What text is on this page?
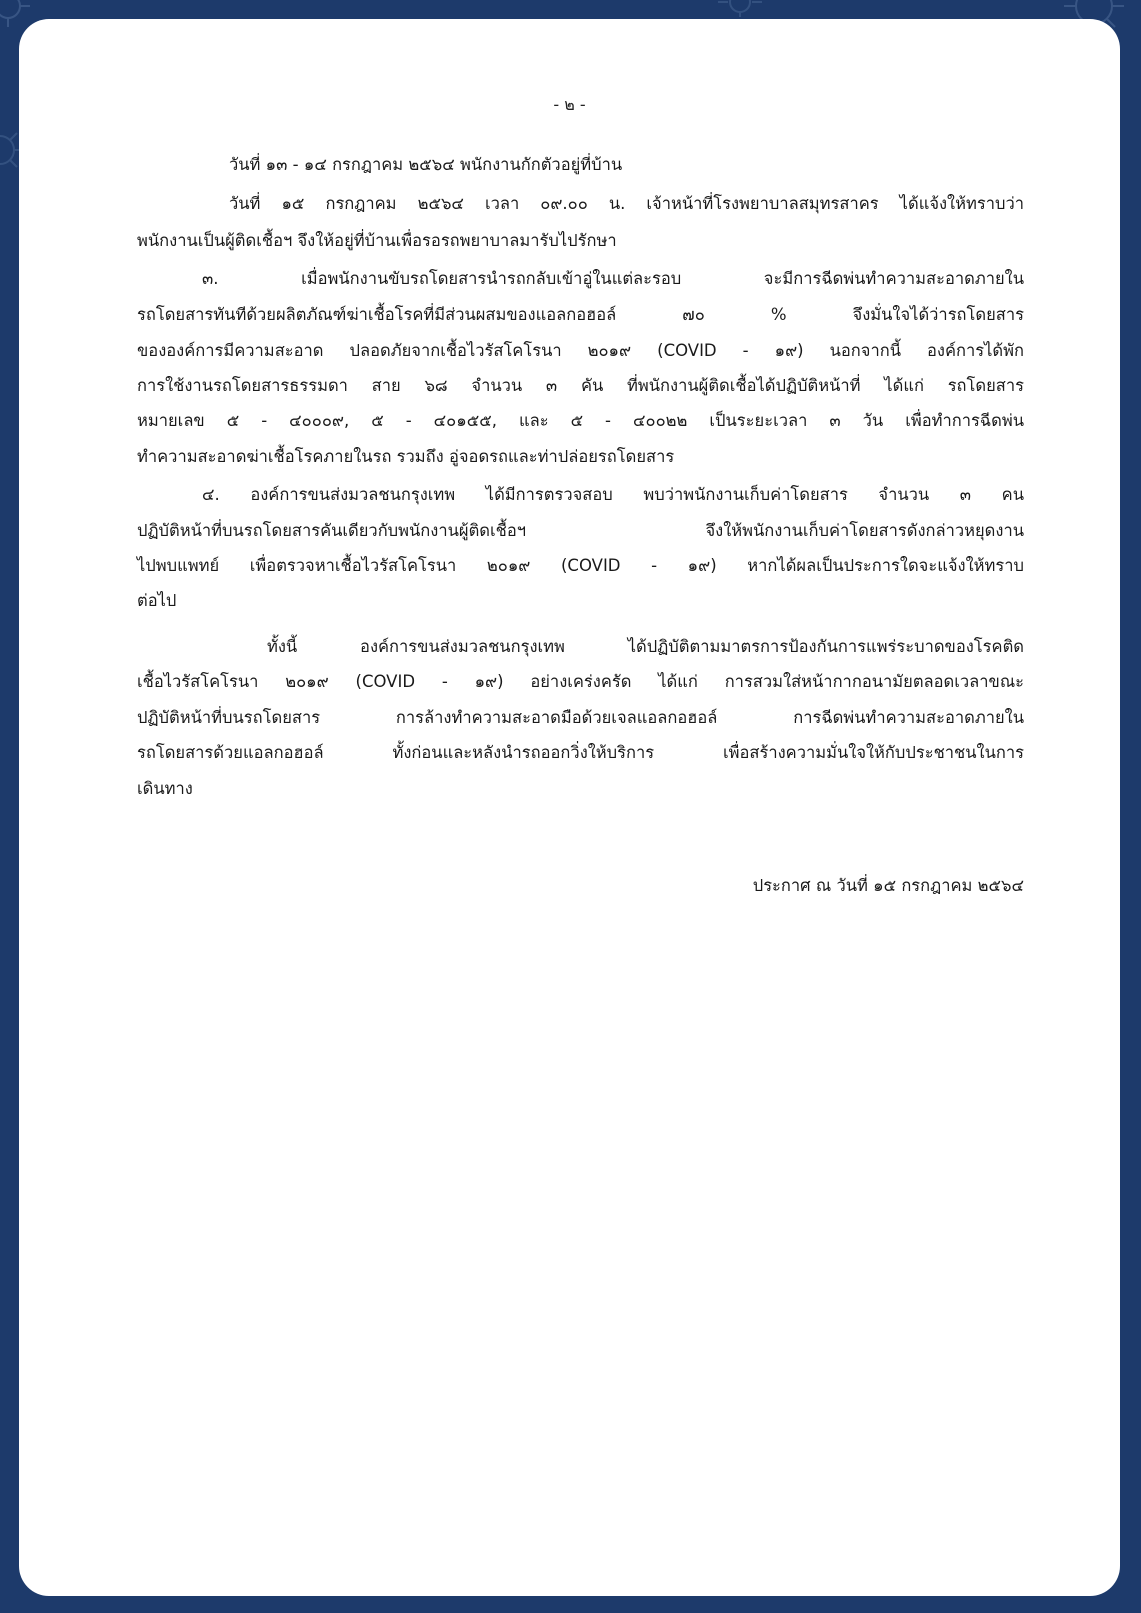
- ๒ -
วันที่ ๑๓ - ๑๔ กรกฎาคม ๒๕๖๔ พนักงานกักตัวอยู่ที่บ้าน
วันที่ ๑๕ กรกฎาคม ๒๕๖๔ เวลา ๐๙.๐๐ น. เจ้าหน้าที่โรงพยาบาลสมุทรสาคร ได้แจ้งให้ทราบว่า
พนักงานเป็นผู้ติดเชื้อฯ จึงให้อยู่ที่บ้านเพื่อรอรถพยาบาลมารับไปรักษา
๓. เมื่อพนักงานขับรถโดยสารนำรถกลับเข้าอู่ในแต่ละรอบ จะมีการฉีดพ่นทำความสะอาดภายใน
รถโดยสารทันทีด้วยผลิตภัณฑ์ฆ่าเชื้อโรคที่มีส่วนผสมของแอลกอฮอล์ ๗๐ % จึงมั่นใจได้ว่ารถโดยสาร
ขององค์การมีความสะอาด ปลอดภัยจากเชื้อไวรัสโคโรนา ๒๐๑๙ (COVID - ๑๙) นอกจากนี้ องค์การได้พัก
การใช้งานรถโดยสารธรรมดา สาย ๖๘ จำนวน ๓ คัน ที่พนักงานผู้ติดเชื้อได้ปฏิบัติหน้าที่ ได้แก่ รถโดยสาร
หมายเลข ๕ - ๔๐๐๐๙, ๕ - ๔๐๑๕๕, และ ๕ - ๔๐๐๒๒ เป็นระยะเวลา ๓ วัน เพื่อทำการฉีดพ่น
ทำความสะอาดฆ่าเชื้อโรคภายในรถ รวมถึง อู่จอดรถและท่าปล่อยรถโดยสาร
๔. องค์การขนส่งมวลชนกรุงเทพ ได้มีการตรวจสอบ พบว่าพนักงานเก็บค่าโดยสาร จำนวน ๓ คน
ปฏิบัติหน้าที่บนรถโดยสารคันเดียวกับพนักงานผู้ติดเชื้อฯ จึงให้พนักงานเก็บค่าโดยสารดังกล่าวหยุดงาน
ไปพบแพทย์ เพื่อตรวจหาเชื้อไวรัสโคโรนา ๒๐๑๙ (COVID - ๑๙) หากได้ผลเป็นประการใดจะแจ้งให้ทราบ
ต่อไป
ทั้งนี้ องค์การขนส่งมวลชนกรุงเทพ ได้ปฏิบัติตามมาตรการป้องกันการแพร่ระบาดของโรคติด
เชื้อไวรัสโคโรนา ๒๐๑๙ (COVID - ๑๙) อย่างเคร่งครัด ได้แก่ การสวมใส่หน้ากากอนามัยตลอดเวลาขณะ
ปฏิบัติหน้าที่บนรถโดยสาร การล้างทำความสะอาดมือด้วยเจลแอลกอฮอล์ การฉีดพ่นทำความสะอาดภายใน
รถโดยสารด้วยแอลกอฮอล์ ทั้งก่อนและหลังนำรถออกวิ่งให้บริการ เพื่อสร้างความมั่นใจให้กับประชาชนในการ
เดินทาง
ประกาศ ณ วันที่ ๑๕ กรกฎาคม ๒๕๖๔
